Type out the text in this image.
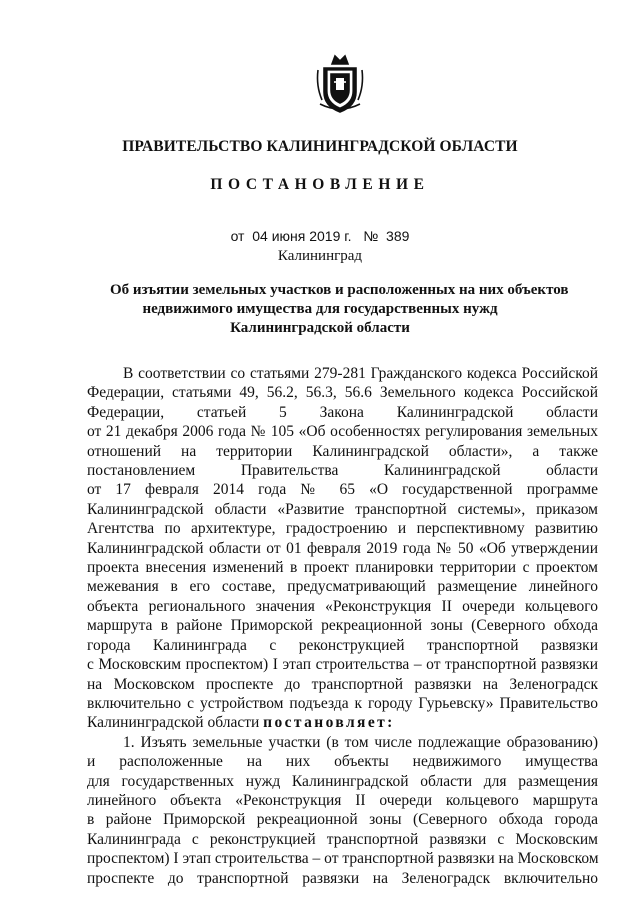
ПРАВИТЕЛЬСТВО КАЛИНИНГРАДСКОЙ ОБЛАСТИ
ПОСТАНОВЛЕНИЕ
от 04 июня 2019 г. № 389
Калининград
Об изъятии земельных участков и расположенных на них объектов
недвижимого имущества для государственных нужд
Калининградской области
В соответствии со статьями 279-281 Гражданского кодекса Российской
Федерации, статьями 49, 56.2, 56.3, 56.6 Земельного кодекса Российской
Федерации, статьей 5 Закона Калининградской области
от 21 декабря 2006 года № 105 «Об особенностях регулирования земельных
отношений на территории Калининградской области», а также
постановлением Правительства Калининградской области
от 17 февраля 2014 года № 65 «О государственной программе
Калининградской области «Развитие транспортной системы», приказом
Агентства по архитектуре, градостроению и перспективному развитию
Калининградской области от 01 февраля 2019 года № 50 «Об утверждении
проекта внесения изменений в проект планировки территории с проектом
межевания в его составе, предусматривающий размещение линейного
объекта регионального значения «Реконструкция II очереди кольцевого
маршрута в районе Приморской рекреационной зоны (Северного обхода
города Калининграда с реконструкцией транспортной развязки
с Московским проспектом) I этап строительства – от транспортной развязки
на Московском проспекте до транспортной развязки на Зеленоградск
включительно с устройством подъезда к городу Гурьевску» Правительство
Калининградской области постановляет:
1. Изъять земельные участки (в том числе подлежащие образованию)
и расположенные на них объекты недвижимого имущества
для государственных нужд Калининградской области для размещения
линейного объекта «Реконструкция II очереди кольцевого маршрута
в районе Приморской рекреационной зоны (Северного обхода города
Калининграда с реконструкцией транспортной развязки с Московским
проспектом) I этап строительства – от транспортной развязки на Московском
проспекте до транспортной развязки на Зеленоградск включительно
